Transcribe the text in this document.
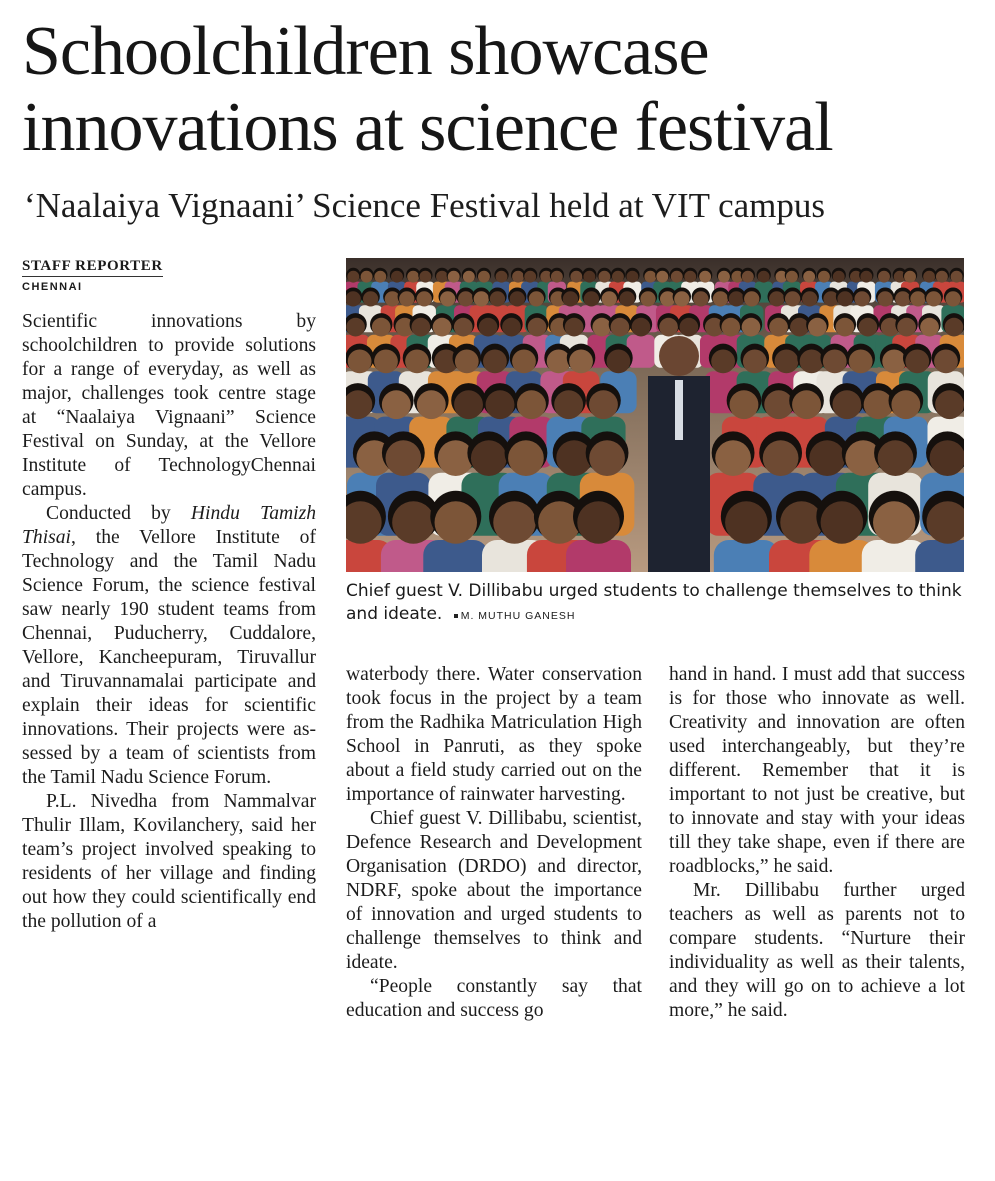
Schoolchildren showcase
innovations at science festival
‘Naalaiya Vignaani’ Science Festival held at VIT campus
STAFF REPORTER
CHENNAI

Scientific innovations by schoolchildren to provide solutions for a range of everyday, as well as major, challenges took centre stage at “Naalaiya Vignaani” Science Festival on Sunday, at the Vellore Institute of TechnologyChennai campus.

Conducted by Hindu Tamizh Thisai, the Vellore Institute of Technology and the Tamil Nadu Science Forum, the science festival saw nearly 190 student teams from Chennai, Puducherry, Cuddalore, Vellore, Kancheepuram, Tiruvallur and Tiruvannamalai participate and explain their ideas for scientific innovations. Their projects were assessed by a team of scientists from the Tamil Nadu Science Forum.

P.L. Nivedha from Nammalvar Thulir Illam, Kovilanchery, said her team’s project involved speaking to residents of her village and finding out how they could scientifically end the pollution of a

Chief guest V. Dillibabu urged students to challenge themselves to think and ideate. M. MUTHU GANESH

waterbody there. Water conservation took focus in the project by a team from the Radhika Matriculation High School in Panruti, as they spoke about a field study carried out on the importance of rainwater harvesting.

Chief guest V. Dillibabu, scientist, Defence Research and Development Organisation (DRDO) and director, NDRF, spoke about the importance of innovation and urged students to challenge themselves to think and ideate.

“People constantly say that education and success go

hand in hand. I must add that success is for those who innovate as well. Creativity and innovation are often used interchangeably, but they’re different. Remember that it is important to not just be creative, but to innovate and stay with your ideas till they take shape, even if there are roadblocks,” he said.

Mr. Dillibabu further urged teachers as well as parents not to compare students. “Nurture their individuality as well as their talents, and they will go on to achieve a lot more,” he said.
